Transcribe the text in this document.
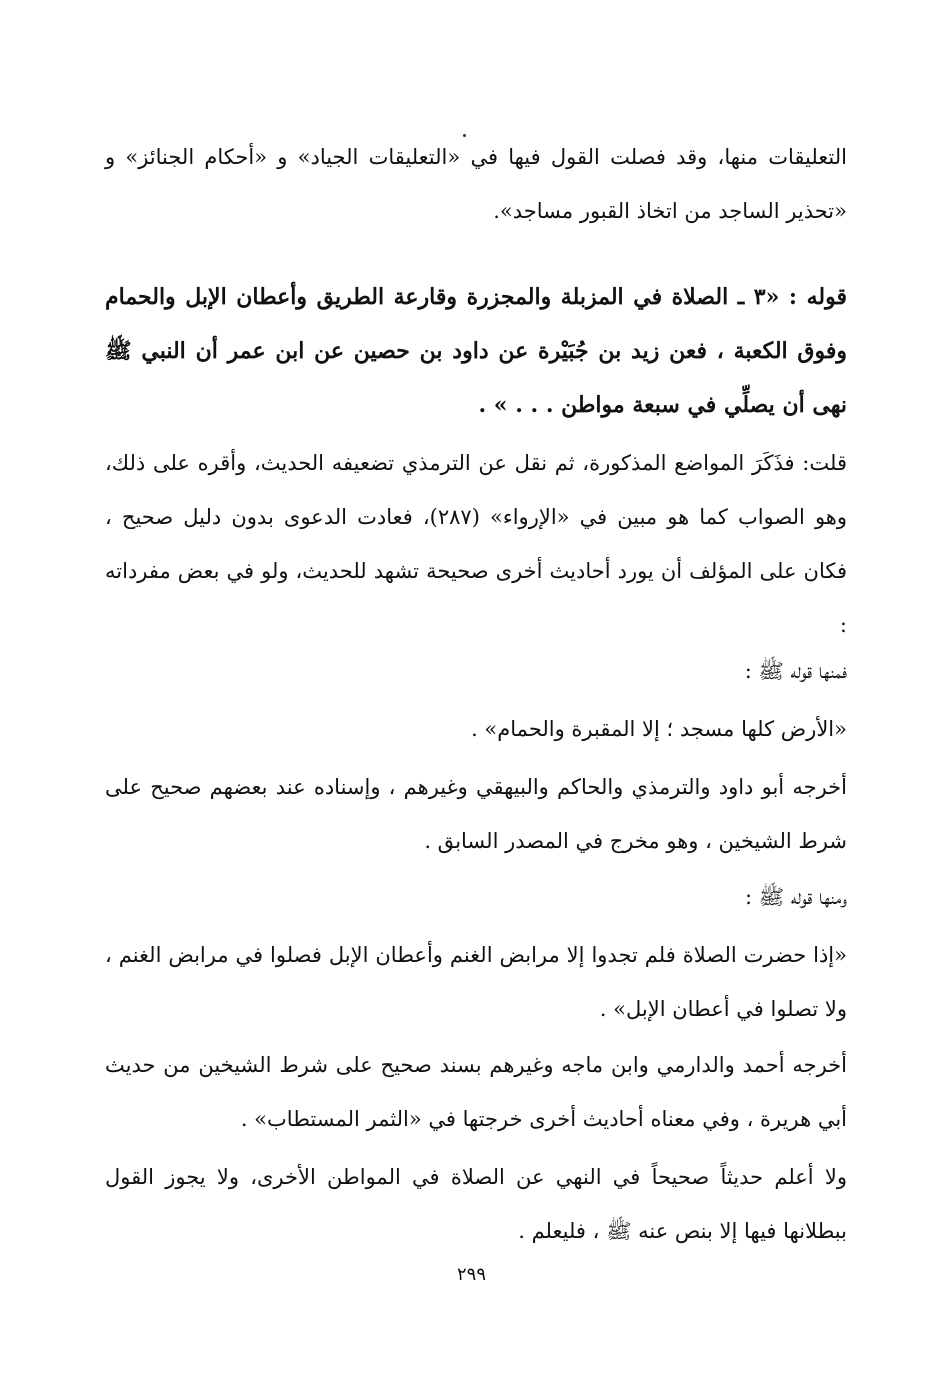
التعليقات منها، وقد فصلت القول فيها في «التعليقات الجياد» و «أحكام الجنائز» و «تحذير الساجد من اتخاذ القبور مساجد».

قوله : «٣ ـ الصلاة في المزبلة والمجزرة وقارعة الطريق وأعطان الإبل والحمام وفوق الكعبة ، فعن زيد بن جُبَيْرة عن داود بن حصين عن ابن عمر أن النبي ﷺ نهى أن يصلِّي في سبعة مواطن . . . » .

قلت: فذَكَرَ المواضع المذكورة، ثم نقل عن الترمذي تضعيفه الحديث، وأقره على ذلك، وهو الصواب كما هو مبين في «الإرواء» (٢٨٧)، فعادت الدعوى بدون دليل صحيح ، فكان على المؤلف أن يورد أحاديث أخرى صحيحة تشهد للحديث، ولو في بعض مفرداته :

فمنها قوله ﷺ :

«الأرض كلها مسجد ؛ إلا المقبرة والحمام» .

أخرجه أبو داود والترمذي والحاكم والبيهقي وغيرهم ، وإسناده عند بعضهم صحيح على شرط الشيخين ، وهو مخرج في المصدر السابق .

ومنها قوله ﷺ :

«إذا حضرت الصلاة فلم تجدوا إلا مرابض الغنم وأعطان الإبل فصلوا في مرابض الغنم ، ولا تصلوا في أعطان الإبل» .

أخرجه أحمد والدارمي وابن ماجه وغيرهم بسند صحيح على شرط الشيخين من حديث أبي هريرة ، وفي معناه أحاديث أخرى خرجتها في «الثمر المستطاب» .

ولا أعلم حديثاً صحيحاً في النهي عن الصلاة في المواطن الأخرى، ولا يجوز القول ببطلانها فيها إلا بنص عنه ﷺ ، فليعلم .

٢٩٩
